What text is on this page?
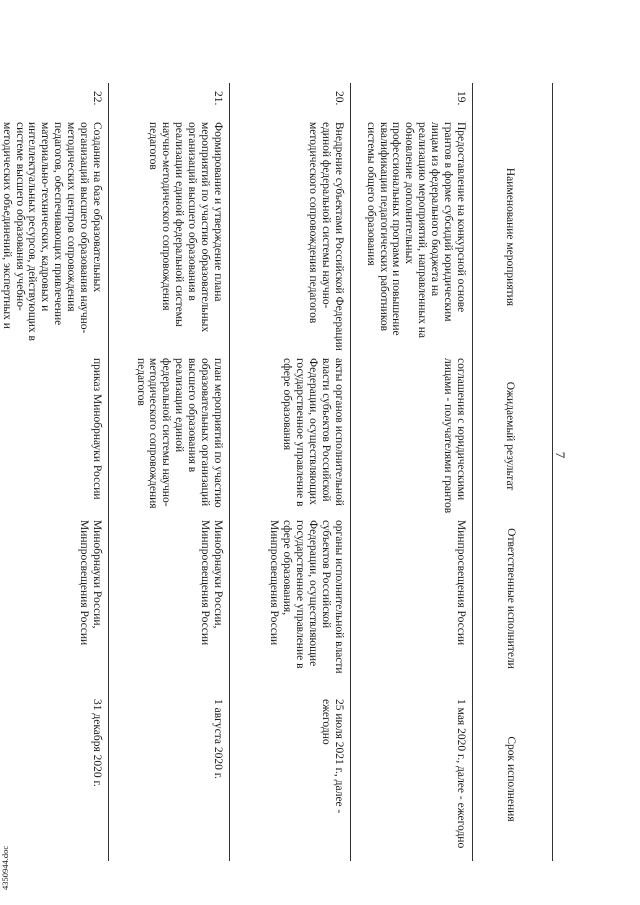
4350944.doc
7
Наименование мероприятия
Ожидаемый результат
Ответственные исполнители
Срок исполнения
19.
Предоставление на конкурсной основе грантов в форме субсидий юридическим лицам из федерального бюджета на реализацию мероприятий, направленных на обновление дополнительных профессиональных программ и повышение квалификации педагогических работников системы общего образования
соглашения с юридическими лицами - получателями грантов
Минпросвещения России
1 мая 2020 г., далее - ежегодно
20.
Внедрение субъектами Российской Федерации единой федеральной системы научно-методического сопровождения педагогов
акты органов исполнительной власти субъектов Российской Федерации, осуществляющих государственное управление в сфере образования
органы исполнительной власти субъектов Российской Федерации, осуществляющие государственное управление в сфере образования, Минпросвещения России
25 июля 2021 г., далее - ежегодно
21.
Формирование и утверждение плана мероприятий по участию образовательных организаций высшего образования в реализации единой федеральной системы научно-методического сопровождения педагогов
план мероприятий по участию образовательных организаций высшего образования в реализации единой федеральной системы научно-методического сопровождения педагогов
Минобрнауки России, Минпросвещения России
1 августа 2020 г.
22.
Создание на базе образовательных организаций высшего образования научно-методических центров сопровождения педагогов, обеспечивающих привлечение материально-технических, кадровых и интеллектуальных ресурсов, действующих в системе высшего образования учебно-методических объединений, экспертных и
приказ Минобрнауки России
Минобрнауки России, Минпросвещения России
31 декабря 2020 г.
